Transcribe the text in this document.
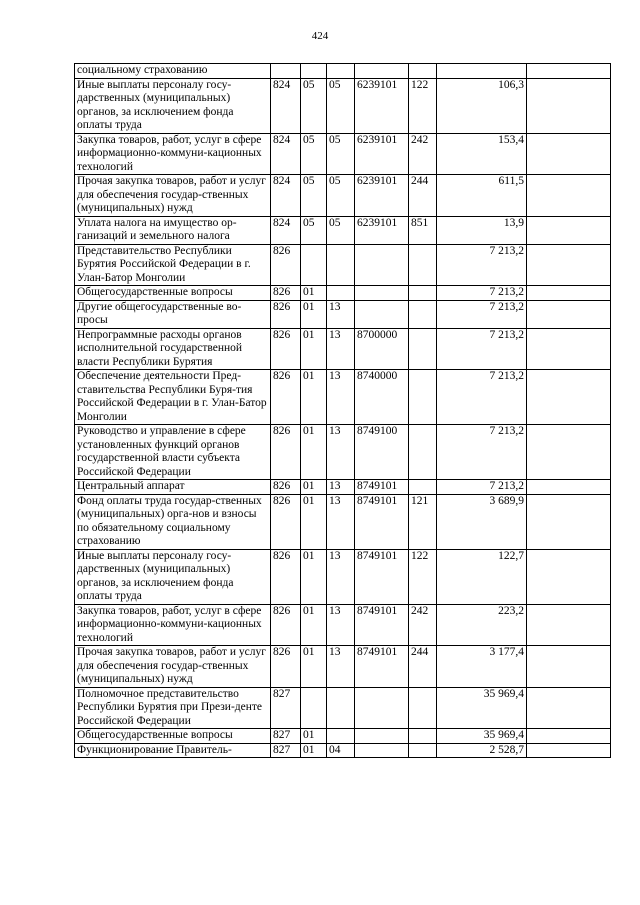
424
социальному страхованию							
Иные выплаты персоналу госу-дарственных (муниципальных) органов, за исключением фонда оплаты труда	824	05	05	6239101	122	106,3	
Закупка товаров, работ, услуг в сфере информационно-коммуни-кационных технологий	824	05	05	6239101	242	153,4	
Прочая закупка товаров, работ и услуг для обеспечения государ-ственных (муниципальных) нужд	824	05	05	6239101	244	611,5	
Уплата налога на имущество ор-ганизаций и земельного налога	824	05	05	6239101	851	13,9	
Представительство Республики Бурятия Российской Федерации в г. Улан-Батор Монголии	826					7 213,2	
Общегосударственные вопросы	826	01				7 213,2	
Другие общегосударственные во-просы	826	01	13			7 213,2	
Непрограммные расходы органов исполнительной государственной власти Республики Бурятия	826	01	13	8700000		7 213,2	
Обеспечение деятельности Пред-ставительства Республики Буря-тия Российской Федерации в г. Улан-Батор Монголии	826	01	13	8740000		7 213,2	
Руководство и управление в сфере установленных функций органов государственной власти субъекта Российской Федерации	826	01	13	8749100		7 213,2	
Центральный аппарат	826	01	13	8749101		7 213,2	
Фонд оплаты труда государ-ственных (муниципальных) орга-нов и взносы по обязательному социальному страхованию	826	01	13	8749101	121	3 689,9	
Иные выплаты персоналу госу-дарственных (муниципальных) органов, за исключением фонда оплаты труда	826	01	13	8749101	122	122,7	
Закупка товаров, работ, услуг в сфере информационно-коммуни-кационных технологий	826	01	13	8749101	242	223,2	
Прочая закупка товаров, работ и услуг для обеспечения государ-ственных (муниципальных) нужд	826	01	13	8749101	244	3 177,4	
Полномочное представительство Республики Бурятия при Прези-денте Российской Федерации	827					35 969,4	
Общегосударственные вопросы	827	01				35 969,4	
Функционирование Правитель-	827	01	04			2 528,7	
